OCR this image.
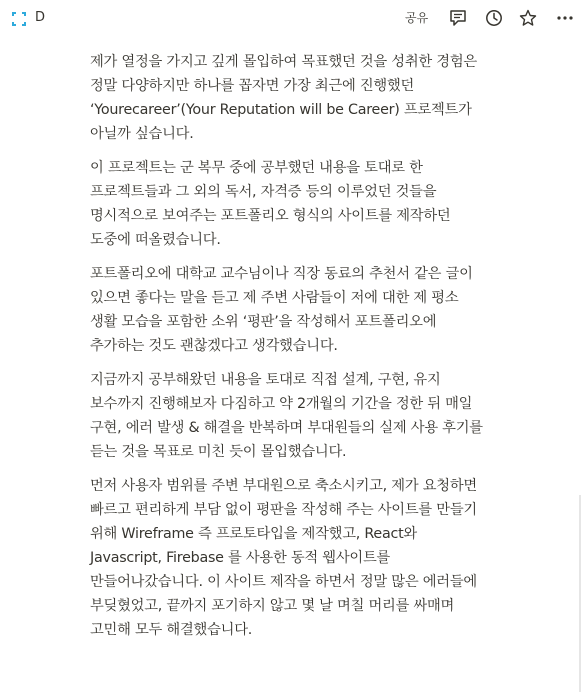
D	공유

제가 열정을 가지고 깊게 몰입하여 목표했던 것을 성취한 경험은 정말 다양하지만 하나를 꼽자면 가장 최근에 진행했던 ‘Yourecareer’(Your Reputation will be Career) 프로젝트가 아닐까 싶습니다.

이 프로젝트는 군 복무 중에 공부했던 내용을 토대로 한 프로젝트들과 그 외의 독서, 자격증 등의 이루었던 것들을 명시적으로 보여주는 포트폴리오 형식의 사이트를 제작하던 도중에 떠올렸습니다.

포트폴리오에 대학교 교수님이나 직장 동료의 추천서 같은 글이 있으면 좋다는 말을 듣고 제 주변 사람들이 저에 대한 제 평소 생활 모습을 포함한 소위 ‘평판’을 작성해서 포트폴리오에 추가하는 것도 괜찮겠다고 생각했습니다.

지금까지 공부해왔던 내용을 토대로 직접 설계, 구현, 유지 보수까지 진행해보자 다짐하고 약 2개월의 기간을 정한 뒤 매일 구현, 에러 발생 & 해결을 반복하며 부대원들의 실제 사용 후기를 듣는 것을 목표로 미친 듯이 몰입했습니다.

먼저 사용자 범위를 주변 부대원으로 축소시키고, 제가 요청하면 빠르고 편리하게 부담 없이 평판을 작성해 주는 사이트를 만들기 위해 Wireframe 즉 프로토타입을 제작했고, React와 Javascript, Firebase 를 사용한 동적 웹사이트를 만들어나갔습니다. 이 사이트 제작을 하면서 정말 많은 에러들에 부딪혔었고, 끝까지 포기하지 않고 몇 날 며칠 머리를 싸매며 고민해 모두 해결했습니다.
